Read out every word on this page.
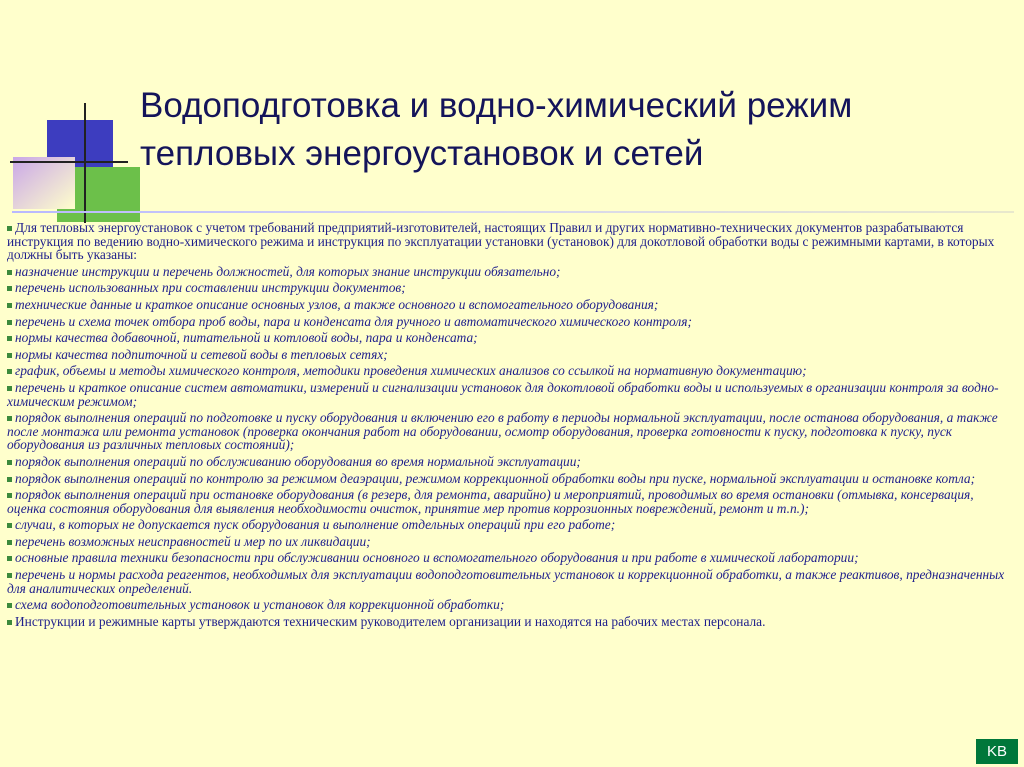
Водоподготовка и водно-химический режим
тепловых энергоустановок и сетей
Для тепловых энергоустановок с учетом требований предприятий-изготовителей, настоящих Правил и других нормативно-технических документов разрабатываются инструкция по ведению водно-химического режима и инструкция по эксплуатации установки (установок) для докотловой обработки воды с режимными картами, в которых должны быть указаны:
назначение инструкции и перечень должностей, для которых знание инструкции обязательно;
перечень использованных при составлении инструкции документов;
технические данные и краткое описание основных узлов, а также основного и вспомогательного оборудования;
перечень и схема точек отбора проб воды, пара и конденсата для ручного и автоматического химического контроля;
нормы качества добавочной, питательной и котловой воды, пара и конденсата;
нормы качества подпиточной и сетевой воды в тепловых сетях;
график, объемы и методы химического контроля, методики проведения химических анализов со ссылкой на нормативную документацию;
перечень и краткое описание систем автоматики, измерений и сигнализации установок для докотловой обработки воды и используемых в организации контроля за водно-химическим режимом;
порядок выполнения операций по подготовке и пуску оборудования и включению его в работу в периоды нормальной эксплуатации, после останова оборудования, а также после монтажа или ремонта установок (проверка окончания работ на оборудовании, осмотр оборудования, проверка готовности к пуску, подготовка к пуску, пуск оборудования из различных тепловых состояний);
порядок выполнения операций по обслуживанию оборудования во время нормальной эксплуатации;
порядок выполнения операций по контролю за режимом деаэрации, режимом коррекционной обработки воды при пуске, нормальной эксплуатации и остановке котла;
порядок выполнения операций при остановке оборудования (в резерв, для ремонта, аварийно) и мероприятий, проводимых во время остановки (отмывка, консервация, оценка состояния оборудования для выявления необходимости очисток, принятие мер против коррозионных повреждений, ремонт и т.п.);
случаи, в которых не допускается пуск оборудования и выполнение отдельных операций при его работе;
перечень возможных неисправностей и мер по их ликвидации;
основные правила техники безопасности при обслуживании основного и вспомогательного оборудования и при работе в химической лаборатории;
перечень и нормы расхода реагентов, необходимых для эксплуатации водоподготовительных установок и коррекционной обработки, а также реактивов, предназначенных для аналитических определений.
схема водоподготовительных установок и установок для коррекционной обработки;
Инструкции и режимные карты утверждаются техническим руководителем организации и находятся на рабочих местах персонала.
KB
